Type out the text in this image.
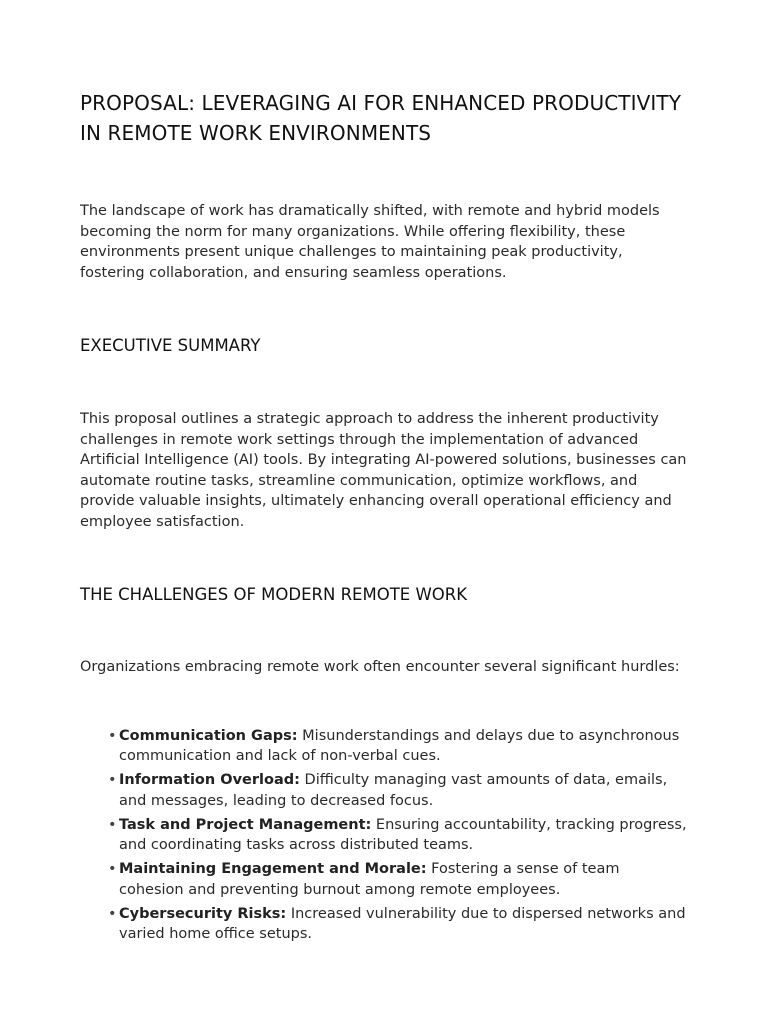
PROPOSAL: LEVERAGING AI FOR ENHANCED PRODUCTIVITY IN REMOTE WORK ENVIRONMENTS

The landscape of work has dramatically shifted, with remote and hybrid models becoming the norm for many organizations. While offering flexibility, these environments present unique challenges to maintaining peak productivity, fostering collaboration, and ensuring seamless operations.

EXECUTIVE SUMMARY

This proposal outlines a strategic approach to address the inherent productivity challenges in remote work settings through the implementation of advanced Artificial Intelligence (AI) tools. By integrating AI-powered solutions, businesses can automate routine tasks, streamline communication, optimize workflows, and provide valuable insights, ultimately enhancing overall operational efficiency and employee satisfaction.

THE CHALLENGES OF MODERN REMOTE WORK

Organizations embracing remote work often encounter several significant hurdles:

• Communication Gaps: Misunderstandings and delays due to asynchronous communication and lack of non-verbal cues.
• Information Overload: Difficulty managing vast amounts of data, emails, and messages, leading to decreased focus.
• Task and Project Management: Ensuring accountability, tracking progress, and coordinating tasks across distributed teams.
• Maintaining Engagement and Morale: Fostering a sense of team cohesion and preventing burnout among remote employees.
• Cybersecurity Risks: Increased vulnerability due to dispersed networks and varied home office setups.
